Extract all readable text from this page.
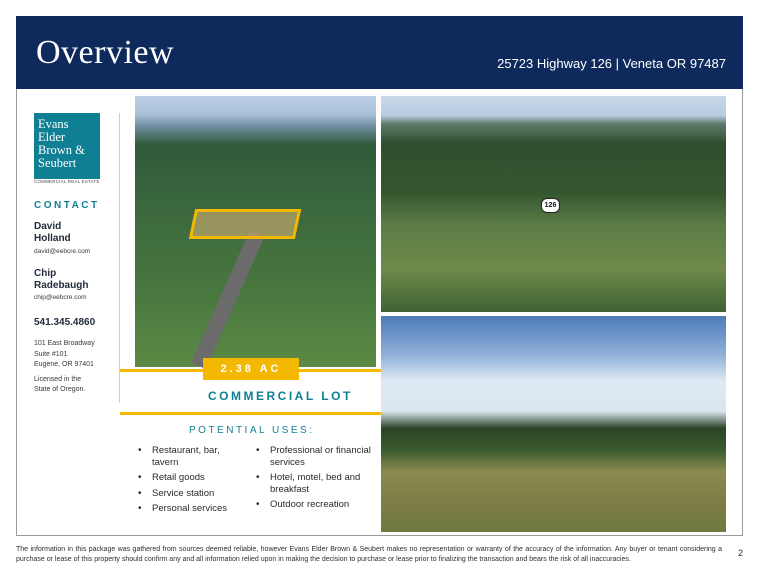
Overview	25723 Highway 126 | Veneta OR 97487
Evans
Elder
Brown &
Seubert
COMMERCIAL REAL ESTATE
CONTACT
David
Holland
david@eebcre.com
Chip
Radebaugh
chip@eebcre.com
541.345.4860
101 East Broadway
Suite #101
Eugene, OR 97401
Licensed in the
State of Oregon.
126
2.38 AC
COMMERCIAL LOT
POTENTIAL USES:
• Restaurant, bar, tavern
• Retail goods
• Service station
• Personal services
• Professional or financial services
• Hotel, motel, bed and breakfast
• Outdoor recreation
The information in this package was gathered from sources deemed reliable, however Evans Elder Brown & Seubert makes no representation or warranty of the accuracy of the information. Any buyer or tenant considering a purchase or lease of this property should confirm any and all information relied upon in making the decision to purchase or lease prior to finalizing the transaction and bears the risk of all inaccuracies.
2
